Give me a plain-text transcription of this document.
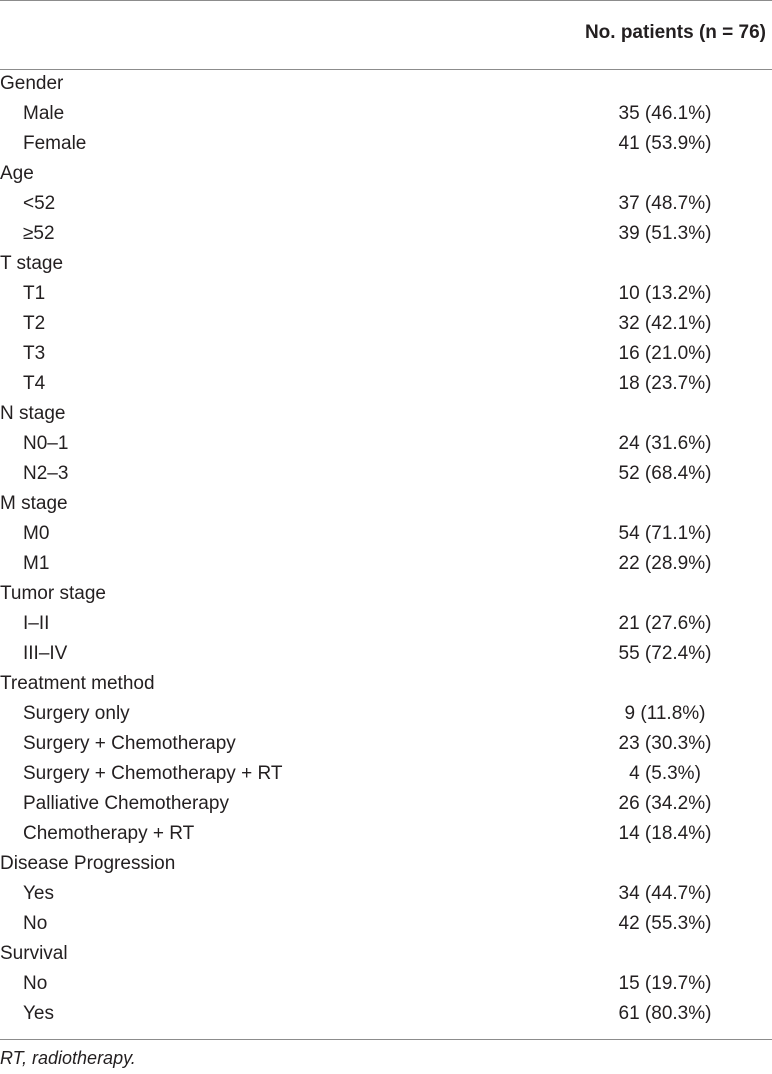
No. patients (n = 76)
Gender
Male	35 (46.1%)
Female	41 (53.9%)
Age
<52	37 (48.7%)
≥52	39 (51.3%)
T stage
T1	10 (13.2%)
T2	32 (42.1%)
T3	16 (21.0%)
T4	18 (23.7%)
N stage
N0–1	24 (31.6%)
N2–3	52 (68.4%)
M stage
M0	54 (71.1%)
M1	22 (28.9%)
Tumor stage
I–II	21 (27.6%)
III–IV	55 (72.4%)
Treatment method
Surgery only	9 (11.8%)
Surgery + Chemotherapy	23 (30.3%)
Surgery + Chemotherapy + RT	4 (5.3%)
Palliative Chemotherapy	26 (34.2%)
Chemotherapy + RT	14 (18.4%)
Disease Progression
Yes	34 (44.7%)
No	42 (55.3%)
Survival
No	15 (19.7%)
Yes	61 (80.3%)
RT, radiotherapy.
